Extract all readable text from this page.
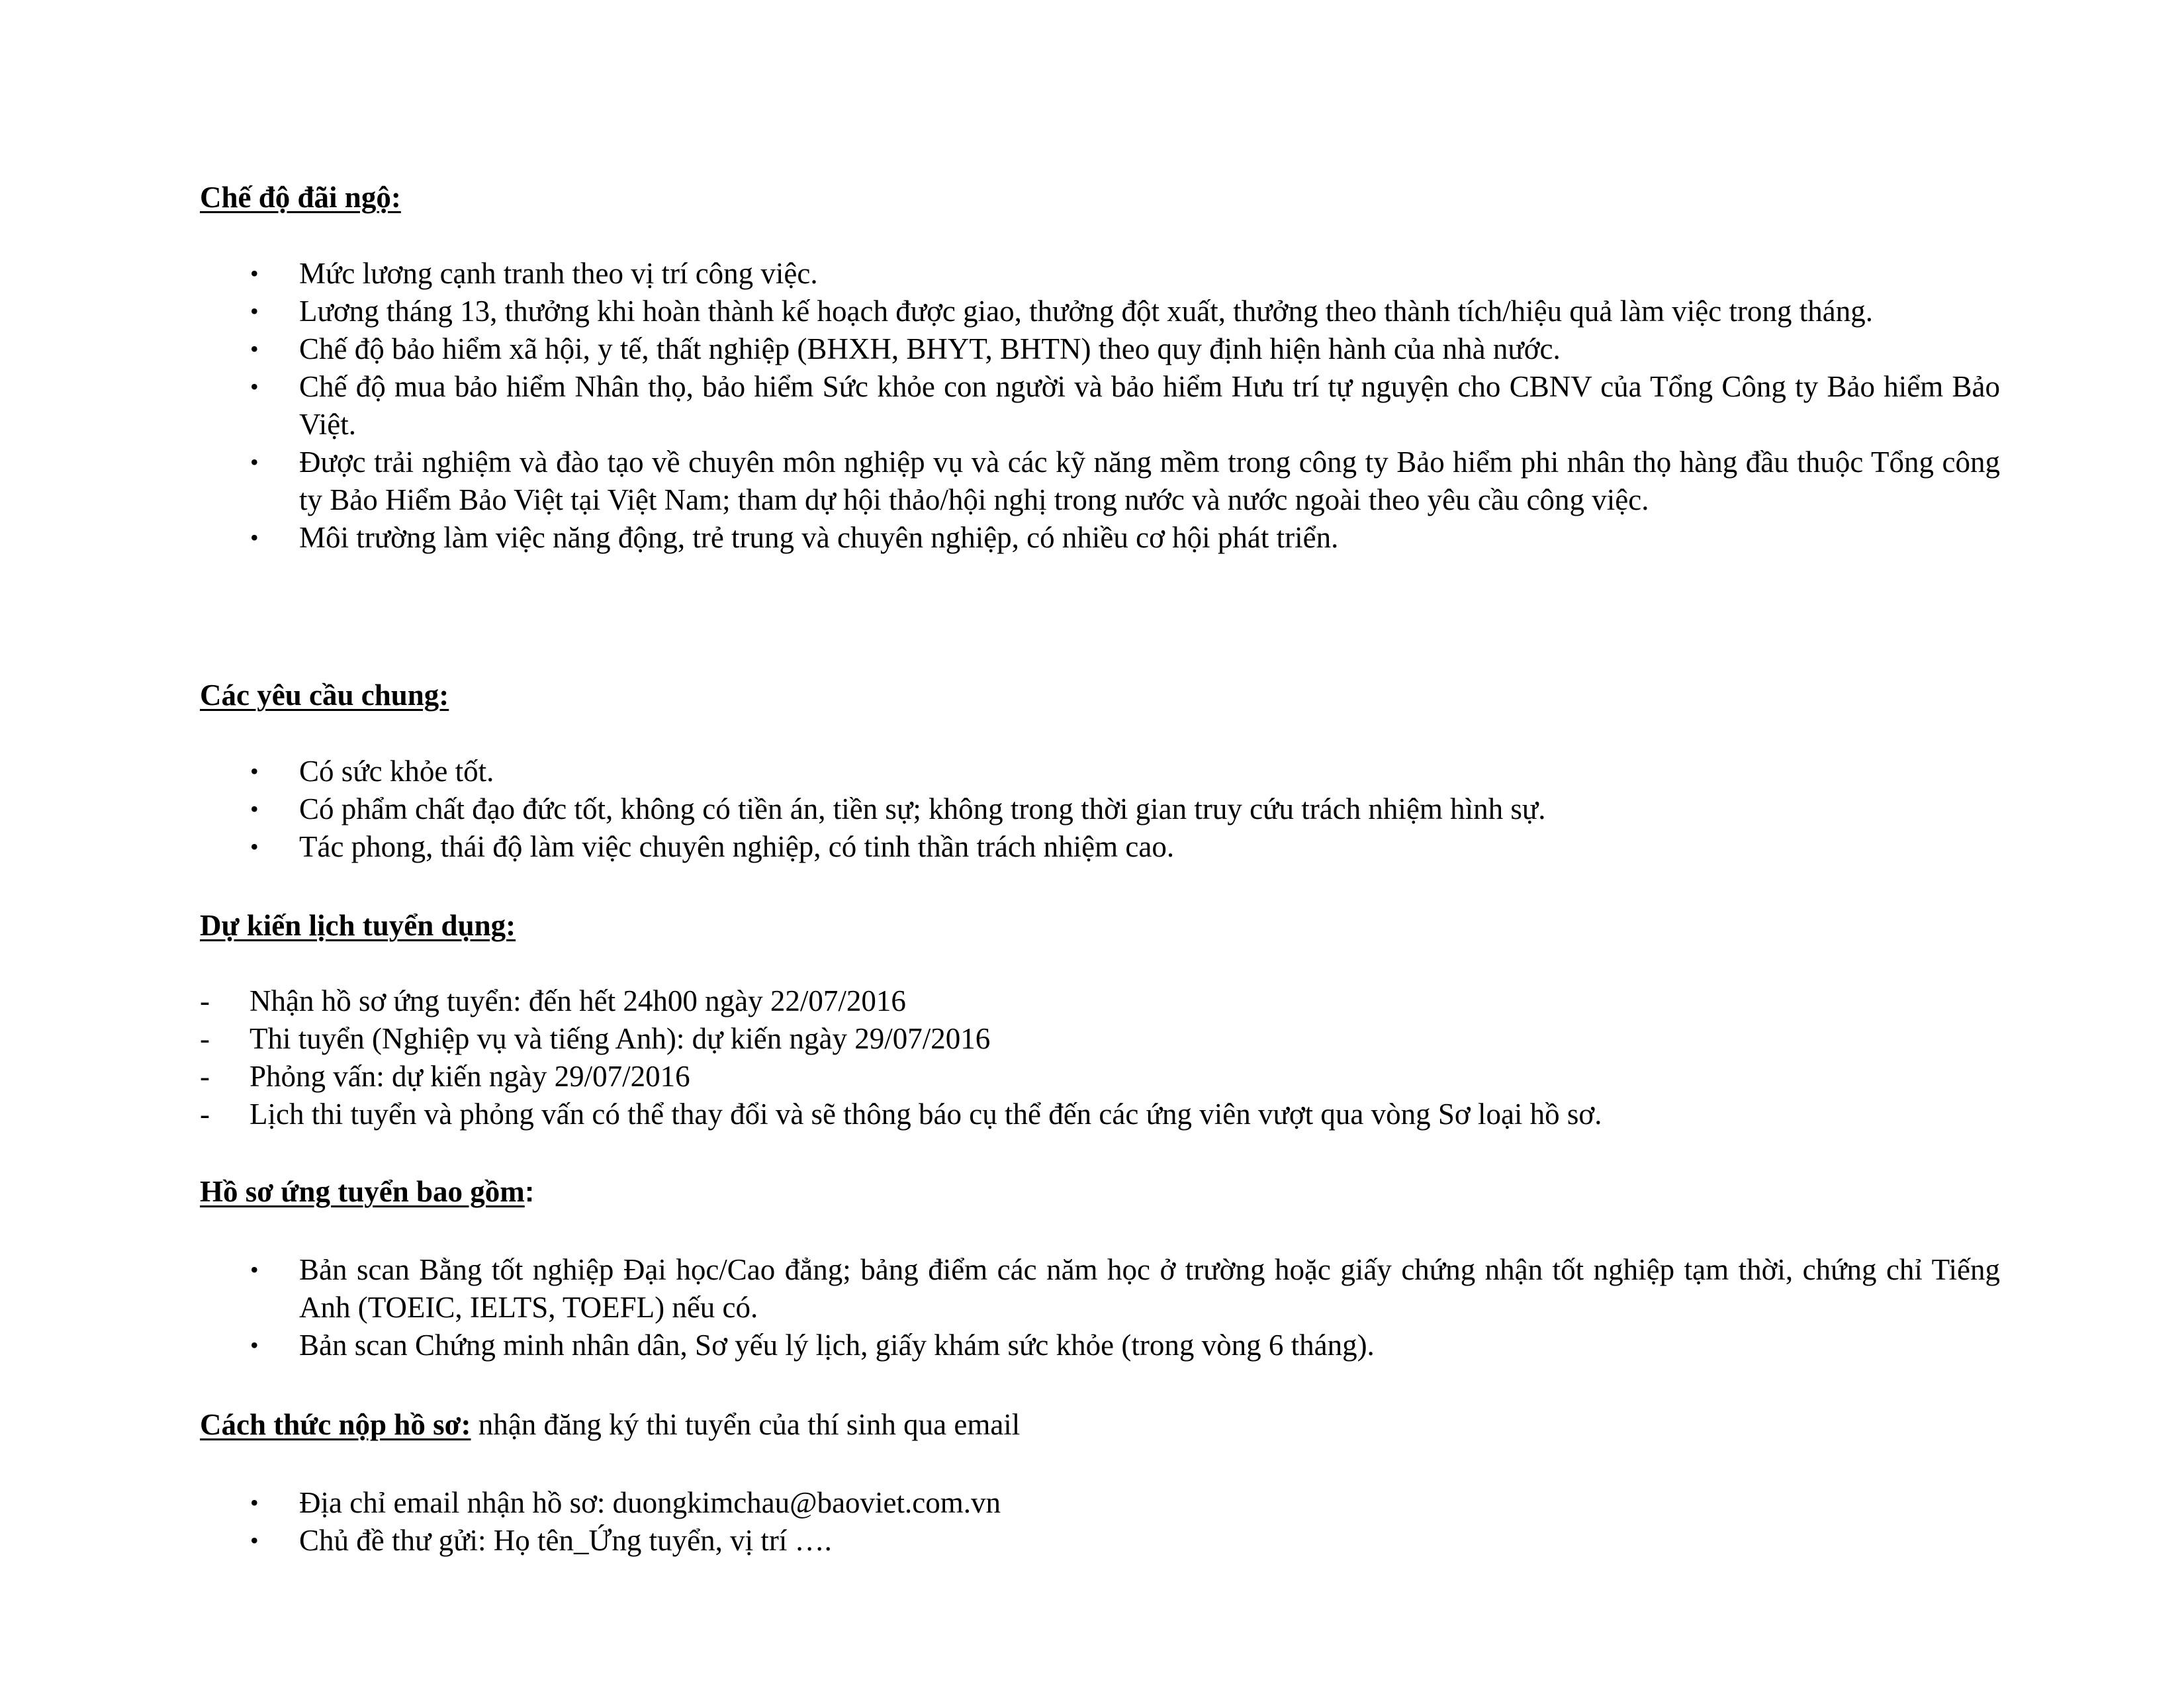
Chế độ đãi ngộ:
• Mức lương cạnh tranh theo vị trí công việc.
• Lương tháng 13, thưởng khi hoàn thành kế hoạch được giao, thưởng đột xuất, thưởng theo thành tích/hiệu quả làm việc trong tháng.
• Chế độ bảo hiểm xã hội, y tế, thất nghiệp (BHXH, BHYT, BHTN) theo quy định hiện hành của nhà nước.
• Chế độ mua bảo hiểm Nhân thọ, bảo hiểm Sức khỏe con người và bảo hiểm Hưu trí tự nguyện cho CBNV của Tổng Công ty Bảo hiểm Bảo Việt.
• Được trải nghiệm và đào tạo về chuyên môn nghiệp vụ và các kỹ năng mềm trong công ty Bảo hiểm phi nhân thọ hàng đầu thuộc Tổng công ty Bảo Hiểm Bảo Việt tại Việt Nam; tham dự hội thảo/hội nghị trong nước và nước ngoài theo yêu cầu công việc.
• Môi trường làm việc năng động, trẻ trung và chuyên nghiệp, có nhiều cơ hội phát triển.
Các yêu cầu chung:
• Có sức khỏe tốt.
• Có phẩm chất đạo đức tốt, không có tiền án, tiền sự; không trong thời gian truy cứu trách nhiệm hình sự.
• Tác phong, thái độ làm việc chuyên nghiệp, có tinh thần trách nhiệm cao.
Dự kiến lịch tuyển dụng:
- Nhận hồ sơ ứng tuyển: đến hết 24h00 ngày 22/07/2016
- Thi tuyển (Nghiệp vụ và tiếng Anh): dự kiến ngày 29/07/2016
- Phỏng vấn: dự kiến ngày 29/07/2016
- Lịch thi tuyển và phỏng vấn có thể thay đổi và sẽ thông báo cụ thể đến các ứng viên vượt qua vòng Sơ loại hồ sơ.
Hồ sơ ứng tuyển bao gồm:
• Bản scan Bằng tốt nghiệp Đại học/Cao đẳng; bảng điểm các năm học ở trường hoặc giấy chứng nhận tốt nghiệp tạm thời, chứng chỉ Tiếng Anh (TOEIC, IELTS, TOEFL) nếu có.
• Bản scan Chứng minh nhân dân, Sơ yếu lý lịch, giấy khám sức khỏe (trong vòng 6 tháng).
Cách thức nộp hồ sơ: nhận đăng ký thi tuyển của thí sinh qua email
• Địa chỉ email nhận hồ sơ: duongkimchau@baoviet.com.vn
• Chủ đề thư gửi: Họ tên_Ứng tuyển, vị trí ….
